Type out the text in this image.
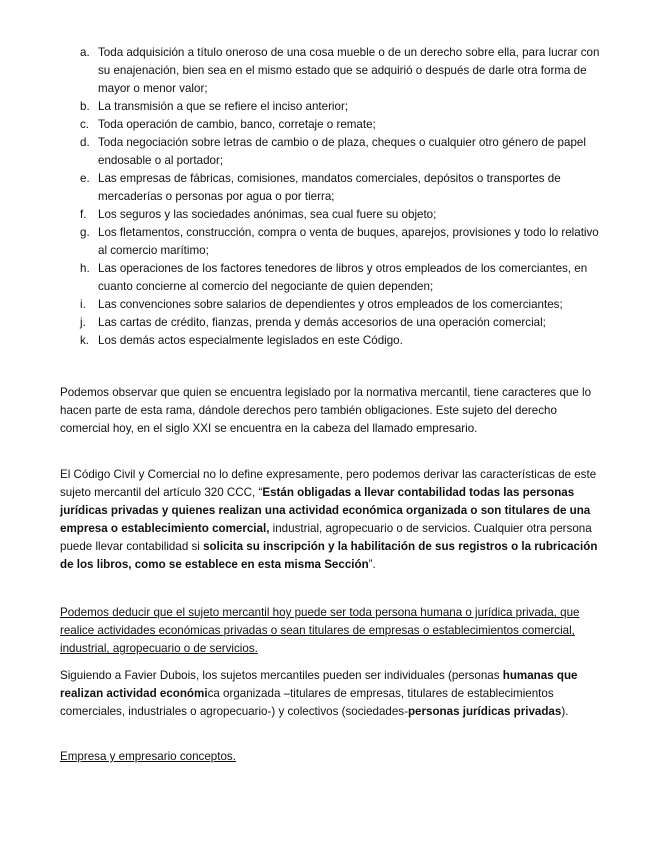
a. Toda adquisición a título oneroso de una cosa mueble o de un derecho sobre ella, para lucrar con su enajenación, bien sea en el mismo estado que se adquirió o después de darle otra forma de mayor o menor valor;
b. La transmisión a que se refiere el inciso anterior;
c. Toda operación de cambio, banco, corretaje o remate;
d. Toda negociación sobre letras de cambio o de plaza, cheques o cualquier otro género de papel endosable o al portador;
e. Las empresas de fábricas, comisiones, mandatos comerciales, depósitos o transportes de mercaderías o personas por agua o por tierra;
f. Los seguros y las sociedades anónimas, sea cual fuere su objeto;
g. Los fletamentos, construcción, compra o venta de buques, aparejos, provisiones y todo lo relativo al comercio marítimo;
h. Las operaciones de los factores tenedores de libros y otros empleados de los comerciantes, en cuanto concierne al comercio del negociante de quien dependen;
i. Las convenciones sobre salarios de dependientes y otros empleados de los comerciantes;
j. Las cartas de crédito, fianzas, prenda y demás accesorios de una operación comercial;
k. Los demás actos especialmente legislados en este Código.

Podemos observar que quien se encuentra legislado por la normativa mercantil, tiene caracteres que lo hacen parte de esta rama, dándole derechos pero también obligaciones. Este sujeto del derecho comercial hoy, en el siglo XXI se encuentra en la cabeza del llamado empresario.

El Código Civil y Comercial no lo define expresamente, pero podemos derivar las características de este sujeto mercantil del artículo 320 CCC, “Están obligadas a llevar contabilidad todas las personas jurídicas privadas y quienes realizan una actividad económica organizada o son titulares de una empresa o establecimiento comercial, industrial, agropecuario o de servicios. Cualquier otra persona puede llevar contabilidad si solicita su inscripción y la habilitación de sus registros o la rubricación de los libros, como se establece en esta misma Sección”.

Podemos deducir que el sujeto mercantil hoy puede ser toda persona humana o jurídica privada, que realice actividades económicas privadas o sean titulares de empresas o establecimientos comercial, industrial, agropecuario o de servicios.

Siguiendo a Favier Dubois, los sujetos mercantiles pueden ser individuales (personas humanas que realizan actividad económica organizada –titulares de empresas, titulares de establecimientos comerciales, industriales o agropecuario-) y colectivos (sociedades-personas jurídicas privadas).

Empresa y empresario conceptos.
